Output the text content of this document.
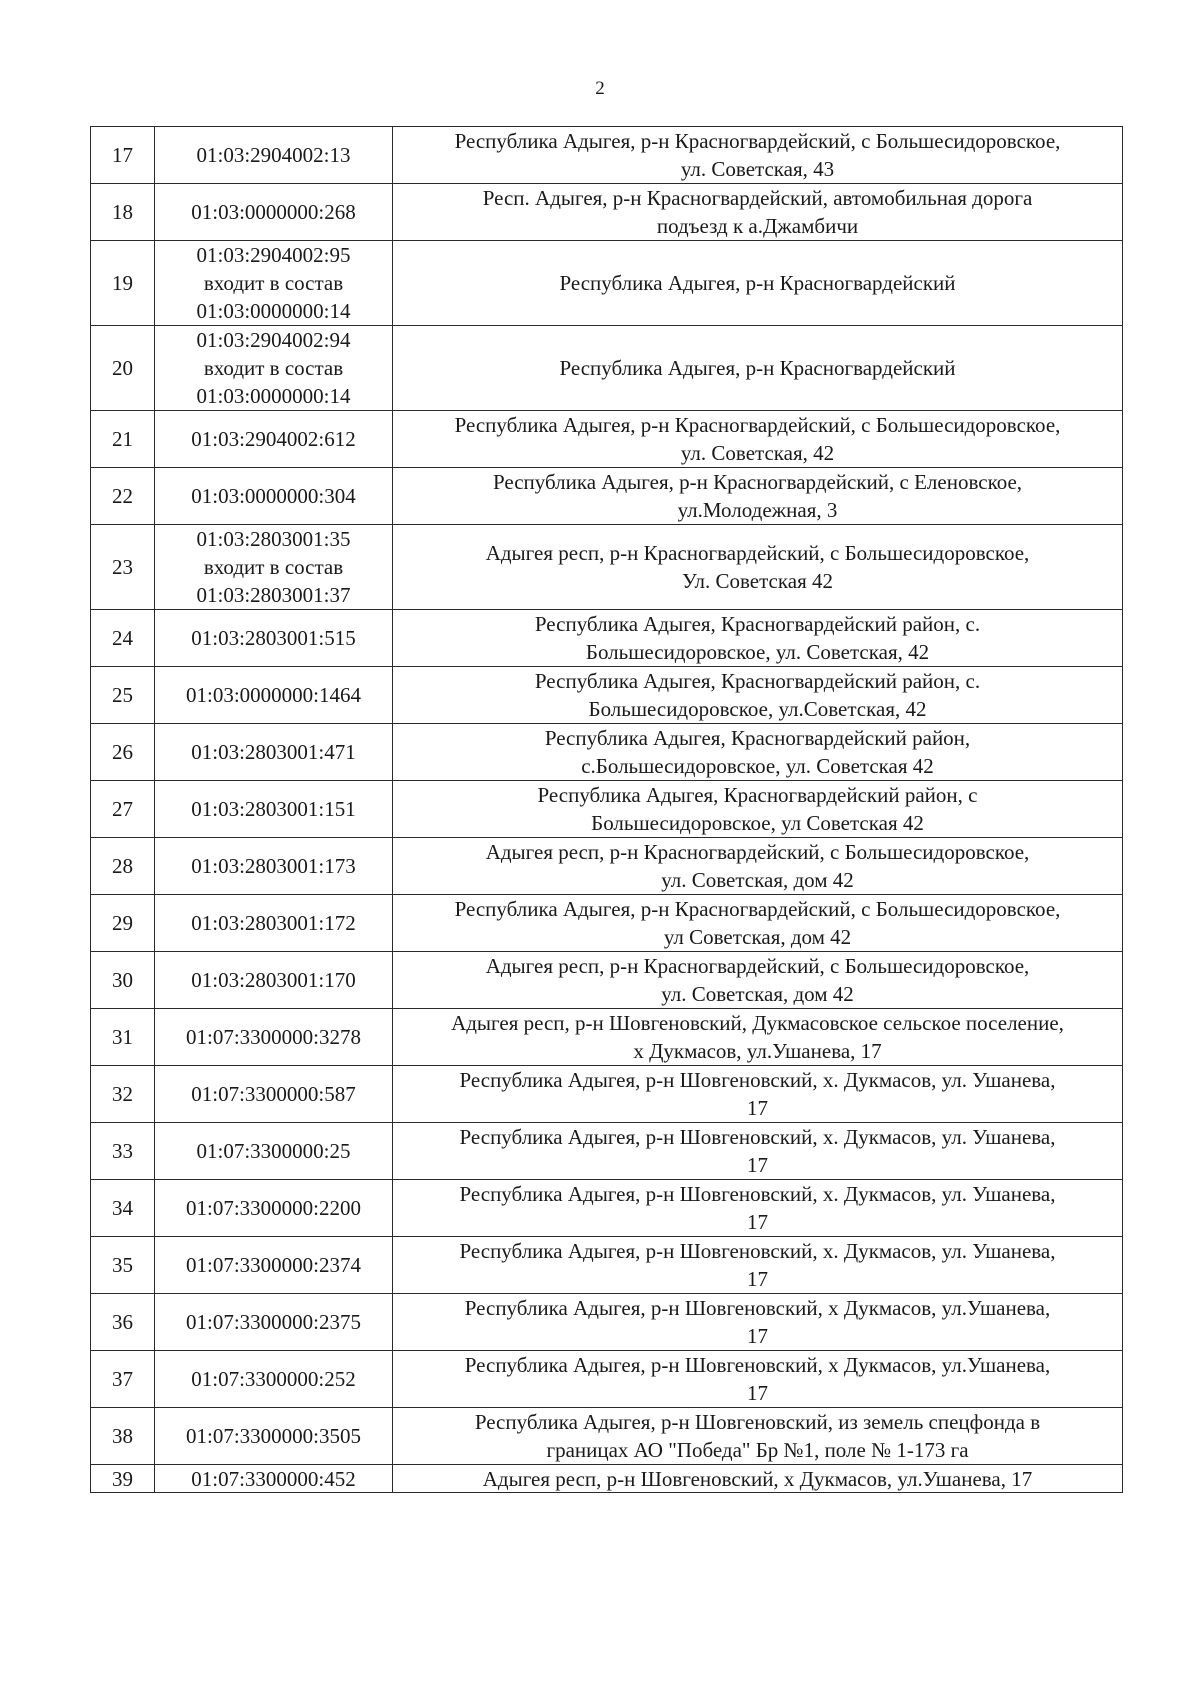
2
17	01:03:2904002:13	Республика Адыгея, р-н Красногвардейский, с Большесидоровское,
ул. Советская, 43
18	01:03:0000000:268	Респ. Адыгея, р-н Красногвардейский, автомобильная дорога
подъезд к а.Джамбичи
19	01:03:2904002:95
входит в состав
01:03:0000000:14	Республика Адыгея, р-н Красногвардейский
20	01:03:2904002:94
входит в состав
01:03:0000000:14	Республика Адыгея, р-н Красногвардейский
21	01:03:2904002:612	Республика Адыгея, р-н Красногвардейский, с Большесидоровское,
ул. Советская, 42
22	01:03:0000000:304	Республика Адыгея, р-н Красногвардейский, с Еленовское,
ул.Молодежная, 3
23	01:03:2803001:35
входит в состав
01:03:2803001:37	Адыгея респ, р-н Красногвардейский, с Большесидоровское,
Ул. Советская 42
24	01:03:2803001:515	Республика Адыгея, Красногвардейский район, с.
Большесидоровское, ул. Советская, 42
25	01:03:0000000:1464	Республика Адыгея, Красногвардейский район, с.
Большесидоровское, ул.Советская, 42
26	01:03:2803001:471	Республика Адыгея, Красногвардейский район,
с.Большесидоровское, ул. Советская 42
27	01:03:2803001:151	Республика Адыгея, Красногвардейский район, с
Большесидоровское, ул Советская 42
28	01:03:2803001:173	Адыгея респ, р-н Красногвардейский, с Большесидоровское,
ул. Советская, дом 42
29	01:03:2803001:172	Республика Адыгея, р-н Красногвардейский, с Большесидоровское,
ул Советская, дом 42
30	01:03:2803001:170	Адыгея респ, р-н Красногвардейский, с Большесидоровское,
ул. Советская, дом 42
31	01:07:3300000:3278	Адыгея респ, р-н Шовгеновский, Дукмасовское сельское поселение,
х Дукмасов, ул.Ушанева, 17
32	01:07:3300000:587	Республика Адыгея, р-н Шовгеновский, х. Дукмасов, ул. Ушанева,
17
33	01:07:3300000:25	Республика Адыгея, р-н Шовгеновский, х. Дукмасов, ул. Ушанева,
17
34	01:07:3300000:2200	Республика Адыгея, р-н Шовгеновский, х. Дукмасов, ул. Ушанева,
17
35	01:07:3300000:2374	Республика Адыгея, р-н Шовгеновский, х. Дукмасов, ул. Ушанева,
17
36	01:07:3300000:2375	Республика Адыгея, р-н Шовгеновский, х Дукмасов, ул.Ушанева,
17
37	01:07:3300000:252	Республика Адыгея, р-н Шовгеновский, х Дукмасов, ул.Ушанева,
17
38	01:07:3300000:3505	Республика Адыгея, р-н Шовгеновский, из земель спецфонда в
границах АО "Победа" Бр №1, поле № 1-173 га
39	01:07:3300000:452	Адыгея респ, р-н Шовгеновский, х Дукмасов, ул.Ушанева, 17
